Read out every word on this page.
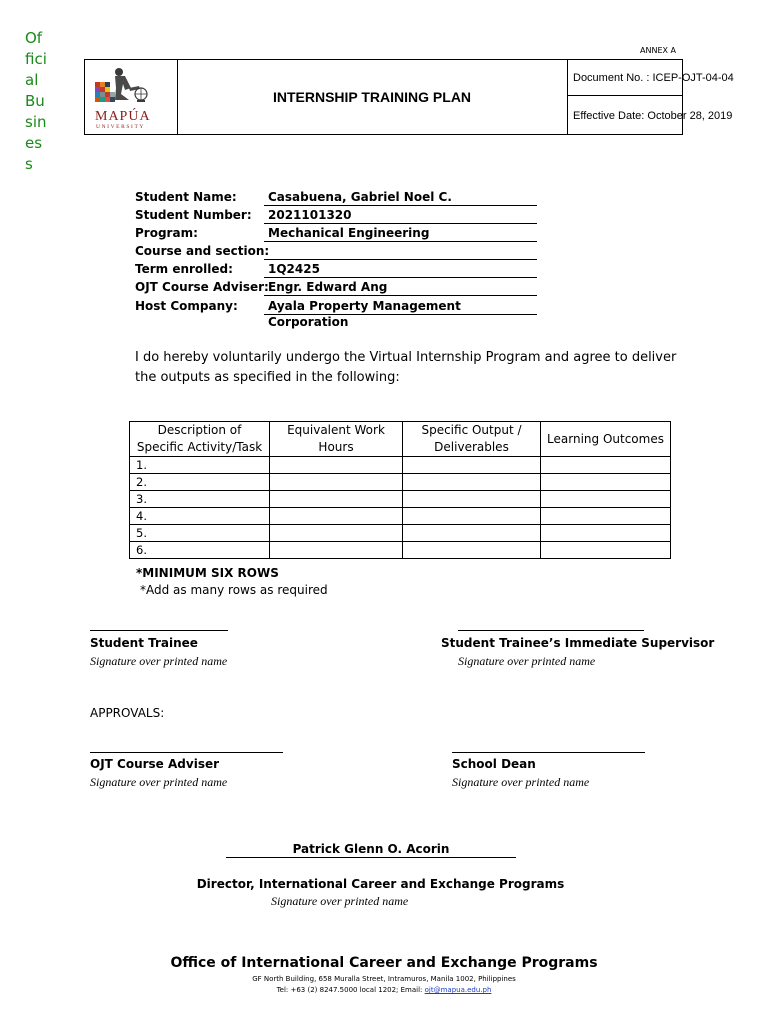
Official Business
ANNEX A
MAPÚA
UNIVERSITY
INTERNSHIP TRAINING PLAN
Document No. : ICEP-OJT-04-04
Effective Date: October 28, 2019
Student Name:	Casabuena, Gabriel Noel C.
Student Number:	2021101320
Program:	Mechanical Engineering
Course and section:
Term enrolled:	1Q2425
OJT Course Adviser: Engr. Edward Ang
Host Company:	Ayala Property Management Corporation
I do hereby voluntarily undergo the Virtual Internship Program and agree to deliver the outputs as specified in the following:
Description of Specific Activity/Task	Equivalent Work Hours	Specific Output / Deliverables	Learning Outcomes
1.			
2.			
3.			
4.			
5.			
6.			
*MINIMUM SIX ROWS
*Add as many rows as required
Student Trainee
Signature over printed name
Student Trainee’s Immediate Supervisor
Signature over printed name
APPROVALS:
OJT Course Adviser
Signature over printed name
School Dean
Signature over printed name
Patrick Glenn O. Acorin
Director, International Career and Exchange Programs
Signature over printed name
Office of International Career and Exchange Programs
GF North Building, 658 Muralla Street, Intramuros, Manila 1002, Philippines
Tel: +63 (2) 8247.5000 local 1202; Email: ojt@mapua.edu.ph
